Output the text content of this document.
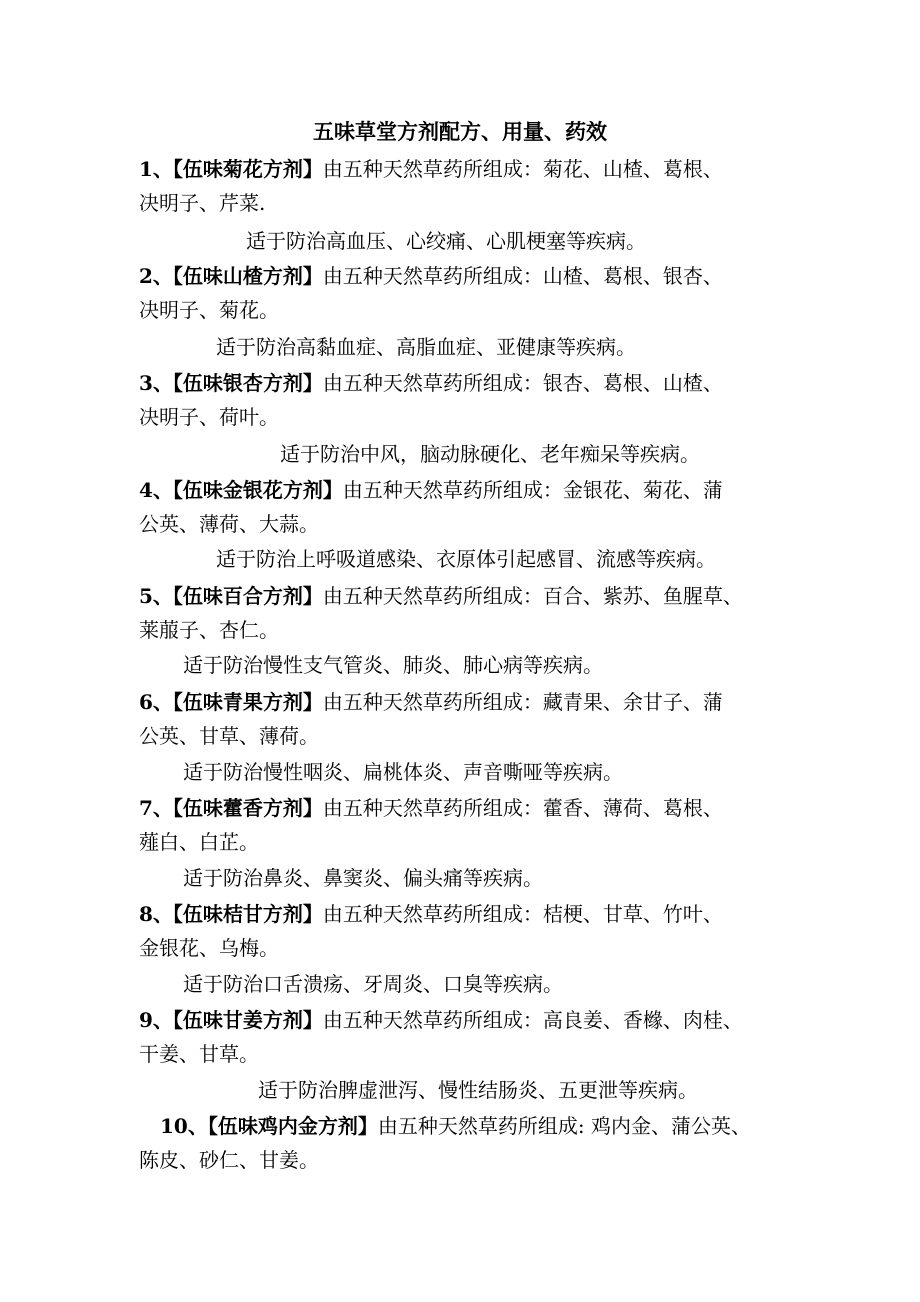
五味草堂方剂配方、用量、药效
1、【伍味菊花方剂】由五种天然草药所组成：菊花、山楂、葛根、
决明子、芹菜.
适于防治高血压、心绞痛、心肌梗塞等疾病。
2、【伍味山楂方剂】由五种天然草药所组成：山楂、葛根、银杏、
决明子、菊花。
适于防治高黏血症、高脂血症、亚健康等疾病。
3、【伍味银杏方剂】由五种天然草药所组成：银杏、葛根、山楂、
决明子、荷叶。
适于防治中风，脑动脉硬化、老年痴呆等疾病。
4、【伍味金银花方剂】由五种天然草药所组成：金银花、菊花、蒲
公英、薄荷、大蒜。
适于防治上呼吸道感染、衣原体引起感冒、流感等疾病。
5、【伍味百合方剂】由五种天然草药所组成：百合、紫苏、鱼腥草、
莱菔子、杏仁。
适于防治慢性支气管炎、肺炎、肺心病等疾病。
6、【伍味青果方剂】由五种天然草药所组成：藏青果、余甘子、蒲
公英、甘草、薄荷。
适于防治慢性咽炎、扁桃体炎、声音嘶哑等疾病。
7、【伍味藿香方剂】由五种天然草药所组成：藿香、薄荷、葛根、
薤白、白芷。
适于防治鼻炎、鼻窦炎、偏头痛等疾病。
8、【伍味桔甘方剂】由五种天然草药所组成：桔梗、甘草、竹叶、
金银花、乌梅。
适于防治口舌溃疡、牙周炎、口臭等疾病。
9、【伍味甘姜方剂】由五种天然草药所组成：高良姜、香橼、肉桂、
干姜、甘草。
适于防治脾虚泄泻、慢性结肠炎、五更泄等疾病。
10、【伍味鸡内金方剂】由五种天然草药所组成: 鸡内金、蒲公英、
陈皮、砂仁、甘姜。
